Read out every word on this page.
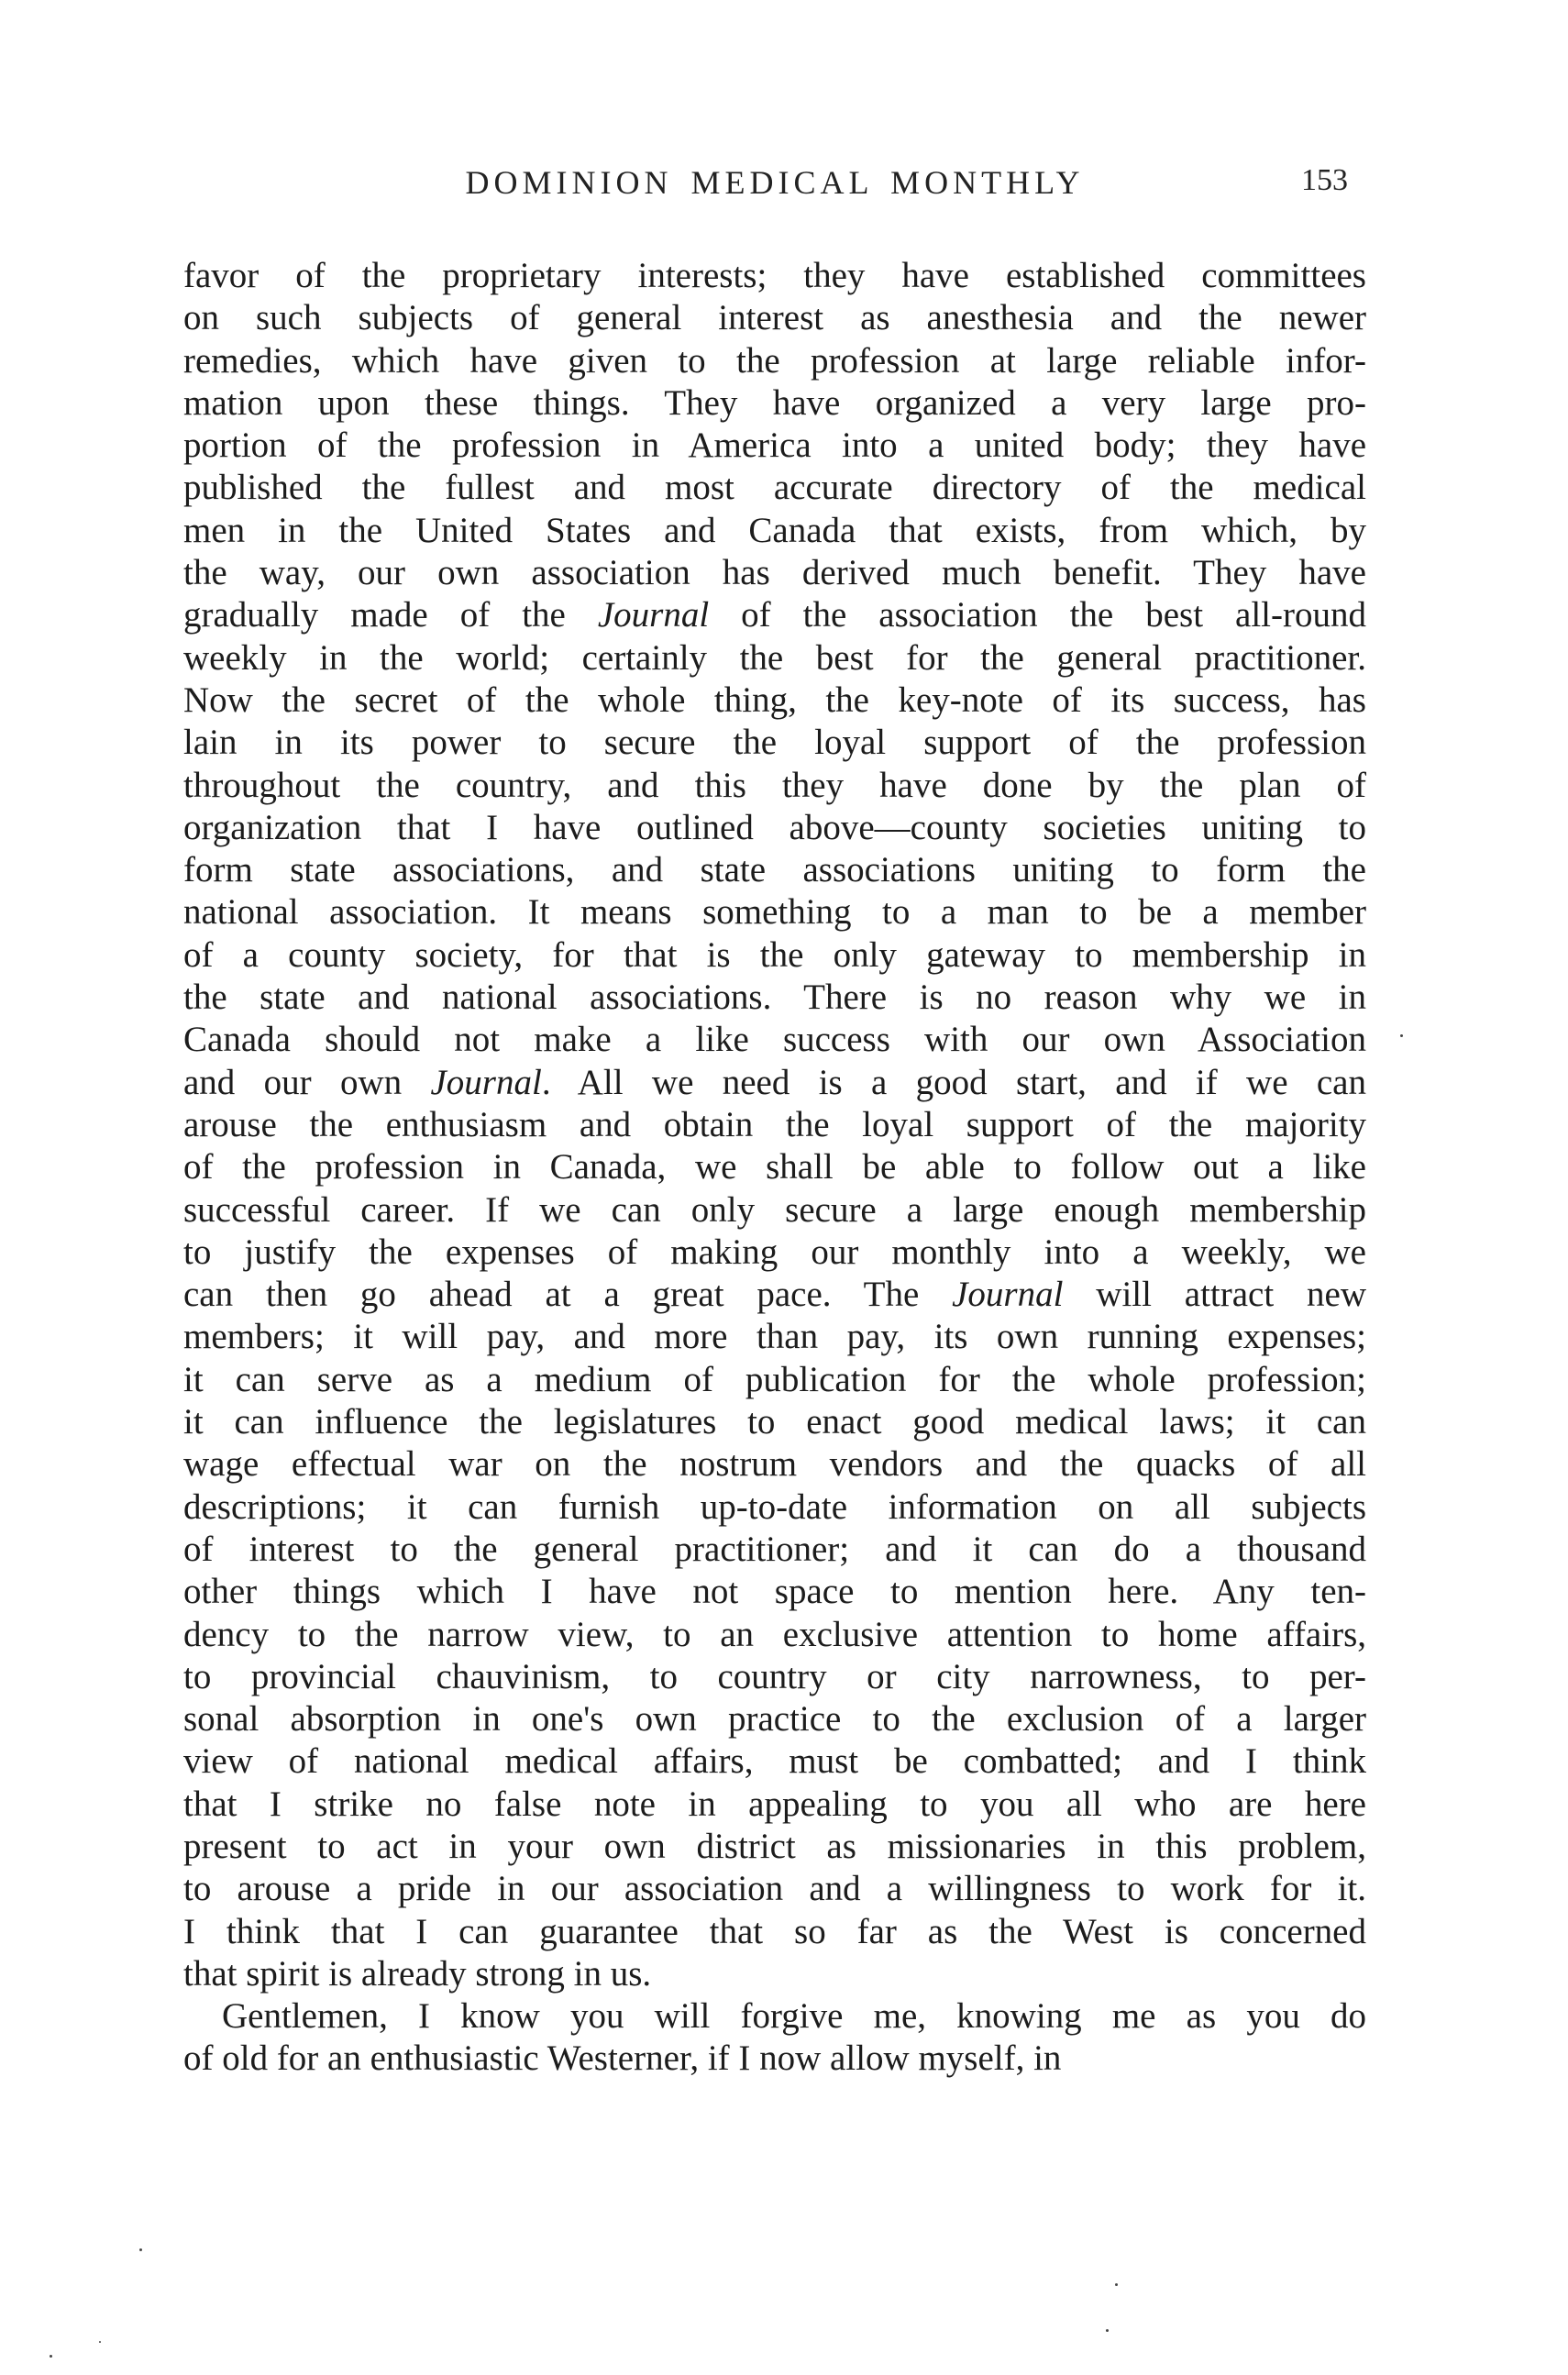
DOMINION MEDICAL MONTHLY	153
favor of the proprietary interests; they have established committees
on such subjects of general interest as anesthesia and the newer
remedies, which have given to the profession at large reliable infor-
mation upon these things. They have organized a very large pro-
portion of the profession in America into a united body; they have
published the fullest and most accurate directory of the medical
men in the United States and Canada that exists, from which, by
the way, our own association has derived much benefit. They have
gradually made of the Journal of the association the best all-round
weekly in the world; certainly the best for the general practitioner.
Now the secret of the whole thing, the key-note of its success, has
lain in its power to secure the loyal support of the profession
throughout the country, and this they have done by the plan of
organization that I have outlined above—county societies uniting to
form state associations, and state associations uniting to form the
national association. It means something to a man to be a member
of a county society, for that is the only gateway to membership in
the state and national associations. There is no reason why we in
Canada should not make a like success with our own Association
and our own Journal. All we need is a good start, and if we can
arouse the enthusiasm and obtain the loyal support of the majority
of the profession in Canada, we shall be able to follow out a like
successful career. If we can only secure a large enough membership
to justify the expenses of making our monthly into a weekly, we
can then go ahead at a great pace. The Journal will attract new
members; it will pay, and more than pay, its own running expenses;
it can serve as a medium of publication for the whole profession;
it can influence the legislatures to enact good medical laws; it can
wage effectual war on the nostrum vendors and the quacks of all
descriptions; it can furnish up-to-date information on all subjects
of interest to the general practitioner; and it can do a thousand
other things which I have not space to mention here. Any ten-
dency to the narrow view, to an exclusive attention to home affairs,
to provincial chauvinism, to country or city narrowness, to per-
sonal absorption in one's own practice to the exclusion of a larger
view of national medical affairs, must be combatted; and I think
that I strike no false note in appealing to you all who are here
present to act in your own district as missionaries in this problem,
to arouse a pride in our association and a willingness to work for it.
I think that I can guarantee that so far as the West is concerned
that spirit is already strong in us.
Gentlemen, I know you will forgive me, knowing me as you do
of old for an enthusiastic Westerner, if I now allow myself, in
